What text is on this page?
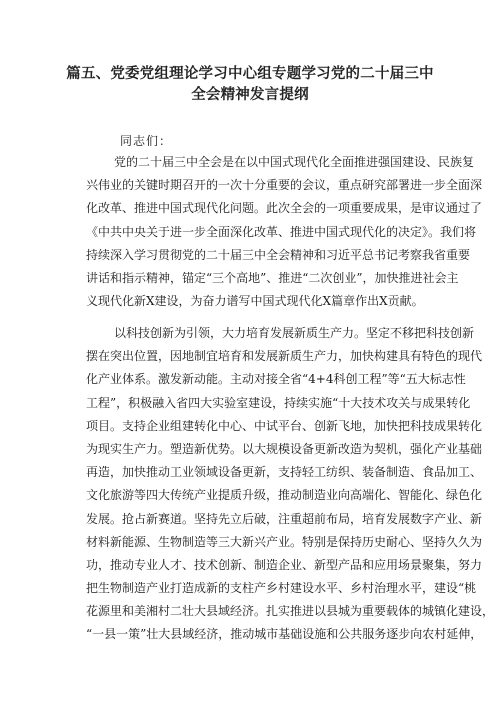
篇五、党委党组理论学习中心组专题学习党的二十届三中
全会精神发言提纲
同志们：
党的二十届三中全会是在以中国式现代化全面推进强国建设、民族复
兴伟业的关键时期召开的一次十分重要的会议，重点研究部署进一步全面深
化改革、推进中国式现代化问题。此次全会的一项重要成果，是审议通过了
《中共中央关于进一步全面深化改革、推进中国式现代化的决定》。我们将
持续深入学习贯彻党的二十届三中全会精神和习近平总书记考察我省重要
讲话和指示精神，锚定“三个高地”、推进“二次创业”，加快推进社会主
义现代化新X建设，为奋力谱写中国式现代化X篇章作出X贡献。
以科技创新为引领，大力培育发展新质生产力。坚定不移把科技创新
摆在突出位置，因地制宜培育和发展新质生产力，加快构建具有特色的现代
化产业体系。激发新动能。主动对接全省“4+4科创工程”等“五大标志性
工程”，积极融入省四大实验室建设，持续实施“十大技术攻关与成果转化
项目。支持企业组建转化中心、中试平台、创新飞地，加快把科技成果转化
为现实生产力。塑造新优势。以大规模设备更新改造为契机，强化产业基础
再造，加快推动工业领域设备更新，支持轻工纺织、装备制造、食品加工、
文化旅游等四大传统产业提质升级，推动制造业向高端化、智能化、绿色化
发展。抢占新赛道。坚持先立后破，注重超前布局，培育发展数字产业、新
材料新能源、生物制造等三大新兴产业。特别是保持历史耐心、坚持久久为
功，推动专业人才、技术创新、制造企业、新型产品和应用场景聚集，努力
把生物制造产业打造成新的支柱产乡村建设水平、乡村治理水平，建设“桃
花源里和美湘村二壮大县域经济。扎实推进以县城为重要载体的城镇化建设，
“一县一策”壮大县域经济，推动城市基础设施和公共服务逐步向农村延伸，
